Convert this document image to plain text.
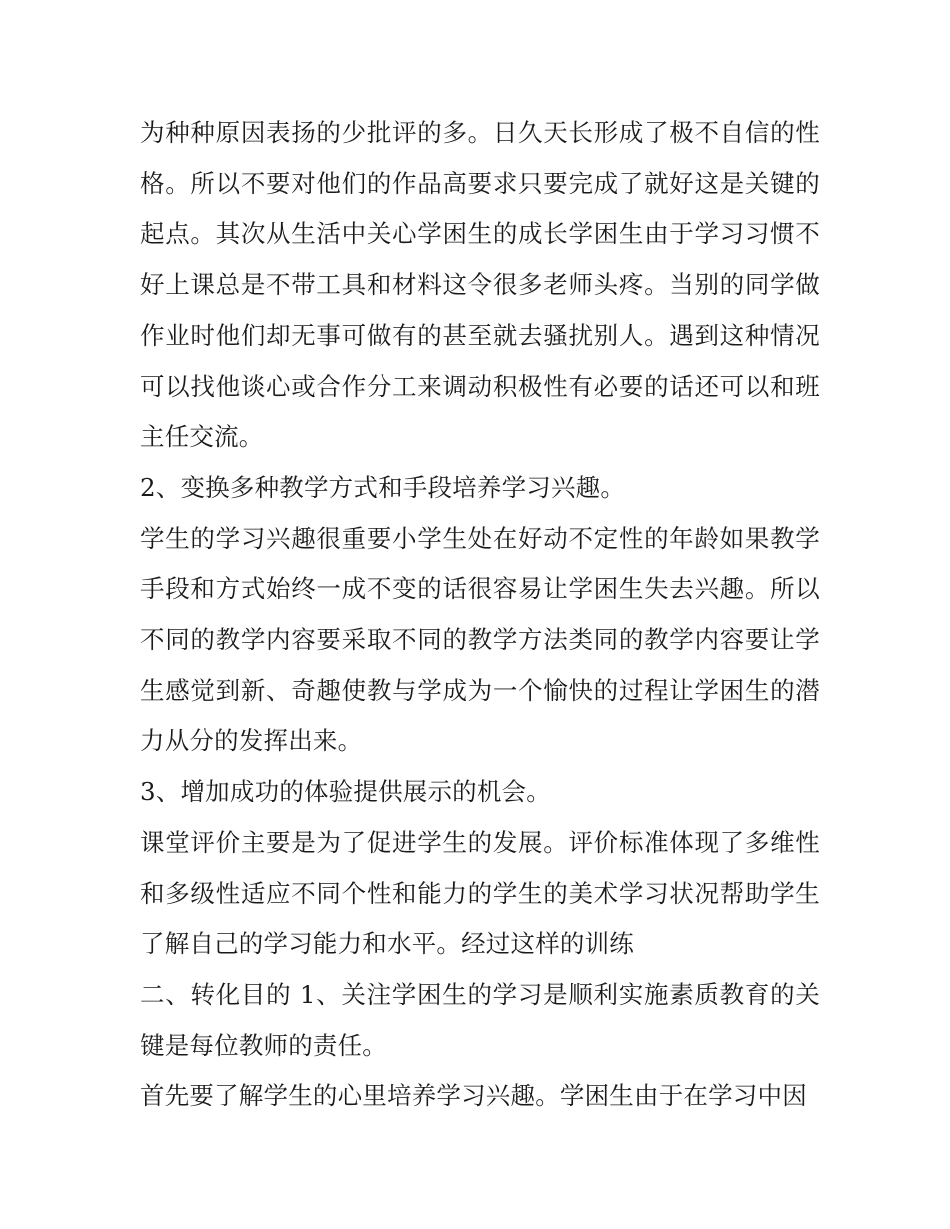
为种种原因表扬的少批评的多。日久天长形成了极不自信的性格。所以不要对他们的作品高要求只要完成了就好这是关键的起点。其次从生活中关心学困生的成长学困生由于学习习惯不好上课总是不带工具和材料这令很多老师头疼。当别的同学做作业时他们却无事可做有的甚至就去骚扰别人。遇到这种情况可以找他谈心或合作分工来调动积极性有必要的话还可以和班主任交流。

2、变换多种教学方式和手段培养学习兴趣。

学生的学习兴趣很重要小学生处在好动不定性的年龄如果教学手段和方式始终一成不变的话很容易让学困生失去兴趣。所以不同的教学内容要采取不同的教学方法类同的教学内容要让学生感觉到新、奇趣使教与学成为一个愉快的过程让学困生的潜力从分的发挥出来。

3、增加成功的体验提供展示的机会。

课堂评价主要是为了促进学生的发展。评价标准体现了多维性和多级性适应不同个性和能力的学生的美术学习状况帮助学生了解自己的学习能力和水平。经过这样的训练

二、转化目的 1、关注学困生的学习是顺利实施素质教育的关键是每位教师的责任。

首先要了解学生的心里培养学习兴趣。学困生由于在学习中因
